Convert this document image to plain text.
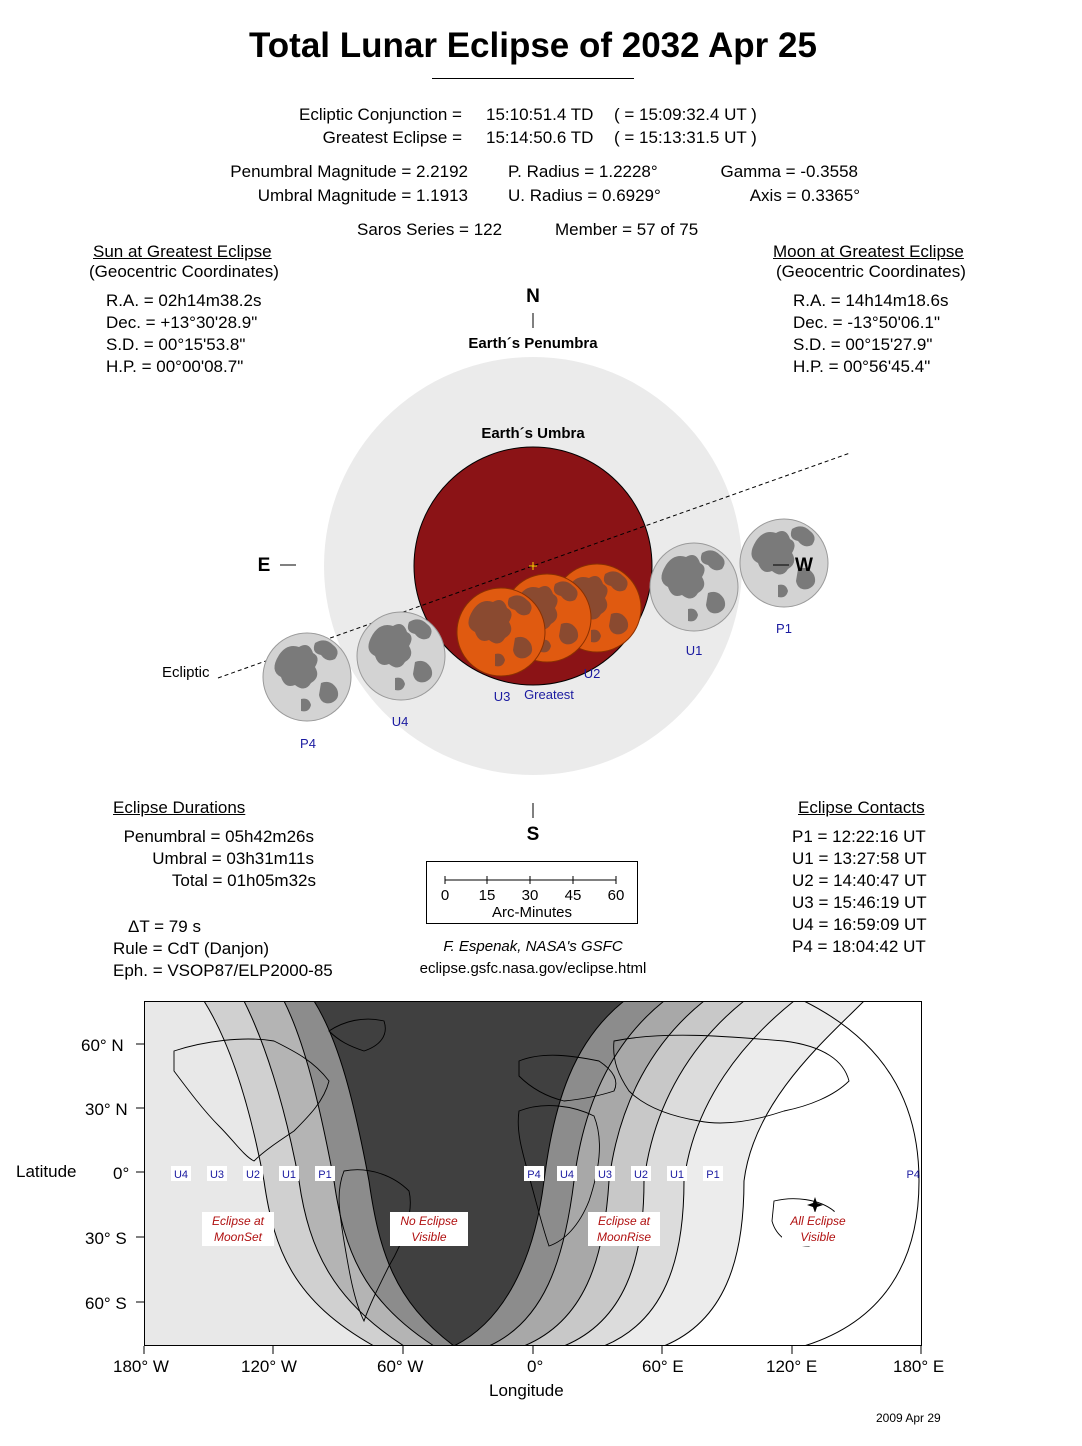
Total Lunar Eclipse of 2032 Apr 25
Ecliptic Conjunction = 15:10:51.4 TD ( = 15:09:32.4 UT )
Greatest Eclipse = 15:14:50.6 TD ( = 15:13:31.5 UT )
Penumbral Magnitude = 2.2192
Umbral Magnitude = 1.1913
P. Radius = 1.2228°
U. Radius = 0.6929°
Gamma = -0.3558
Axis = 0.3365°
Saros Series = 122	Member = 57 of 75
Sun at Greatest Eclipse
(Geocentric Coordinates)
R.A. = 02h14m38.2s
Dec. = +13°30'28.9"
S.D. = 00°15'53.8"
H.P. = 00°00'08.7"
Moon at Greatest Eclipse
(Geocentric Coordinates)
R.A. = 14h14m18.6s
Dec. = -13°50'06.1"
S.D. = 00°15'27.9"
H.P. = 00°56'45.4"
N
Earth´s Penumbra
Earth´s Umbra
E	W
S
Ecliptic
P1
U1
U2
Greatest
U3
U4
P4
Eclipse Durations
Penumbral = 05h42m26s
Umbral = 03h31m11s
Total = 01h05m32s
ΔT = 79 s
Rule = CdT (Danjon)
Eph. = VSOP87/ELP2000-85
Eclipse Contacts
P1 = 12:22:16 UT
U1 = 13:27:58 UT
U2 = 14:40:47 UT
U3 = 15:46:19 UT
U4 = 16:59:09 UT
P4 = 18:04:42 UT
0 15 30 45 60
Arc-Minutes
F. Espenak, NASA's GSFC
eclipse.gsfc.nasa.gov/eclipse.html
U4 U3 U2 U1 P1	P4 U4 U3 U2 U1 P1	P4
Eclipse at
MoonSet
No Eclipse
Visible
Eclipse at
MoonRise
All Eclipse
Visible
60° N
30° N
0°
30° S
60° S
Latitude
180° W	120° W	60° W	0°	60° E	120° E	180° E
Longitude
2009 Apr 29
